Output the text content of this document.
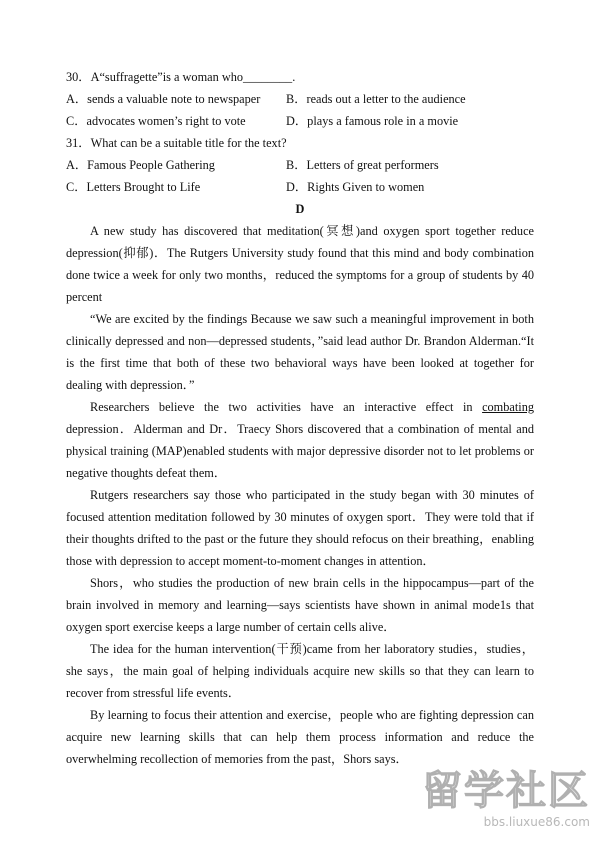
30．A“suffragette”is a woman who________.
A．sends a valuable note to newspaper	B．reads out a letter to the audience
C．advocates women’s right to vote	D．plays a famous role in a movie
31．What can be a suitable title for the text?
A．Famous People Gathering	B．Letters of great performers
C．Letters Brought to Life	D．Rights Given to women
D

A new study has discovered that meditation(冥想)and oxygen sport together reduce depression(抑郁)．The Rutgers University study found that this mind and body combination done twice a week for only two months，reduced the symptoms for a group of students by 40 percent

“We are excited by the findings Because we saw such a meaningful improvement in both clinically depressed and non—depressed students，”said lead author Dr. Brandon Alderman.“It is the first time that both of these two behavioral ways have been looked at together for dealing with depression．”

Researchers believe the two activities have an interactive effect in combating depression．Alderman and Dr．Traecy Shors discovered that a combination of mental and physical training (MAP)enabled students with major depressive disorder not to let problems or negative thoughts defeat them．

Rutgers researchers say those who participated in the study began with 30 minutes of focused attention meditation followed by 30 minutes of oxygen sport．They were told that if their thoughts drifted to the past or the future they should refocus on their breathing，enabling those with depression to accept moment-to-moment changes in attention．

Shors，who studies the production of new brain cells in the hippocampus—part of the brain involved in memory and learning—says scientists have shown in animal mode1s that oxygen sport exercise keeps a large number of certain cells alive．

The idea for the human intervention(干预)came from her laboratory studies，studies，she says，the main goal of helping individuals acquire new skills so that they can learn to recover from stressful life events．

By learning to focus their attention and exercise，people who are fighting depression can acquire new learning skills that can help them process information and reduce the overwhelming recollection of memories from the past，Shors says．

留学社区
bbs.liuxue86.com
